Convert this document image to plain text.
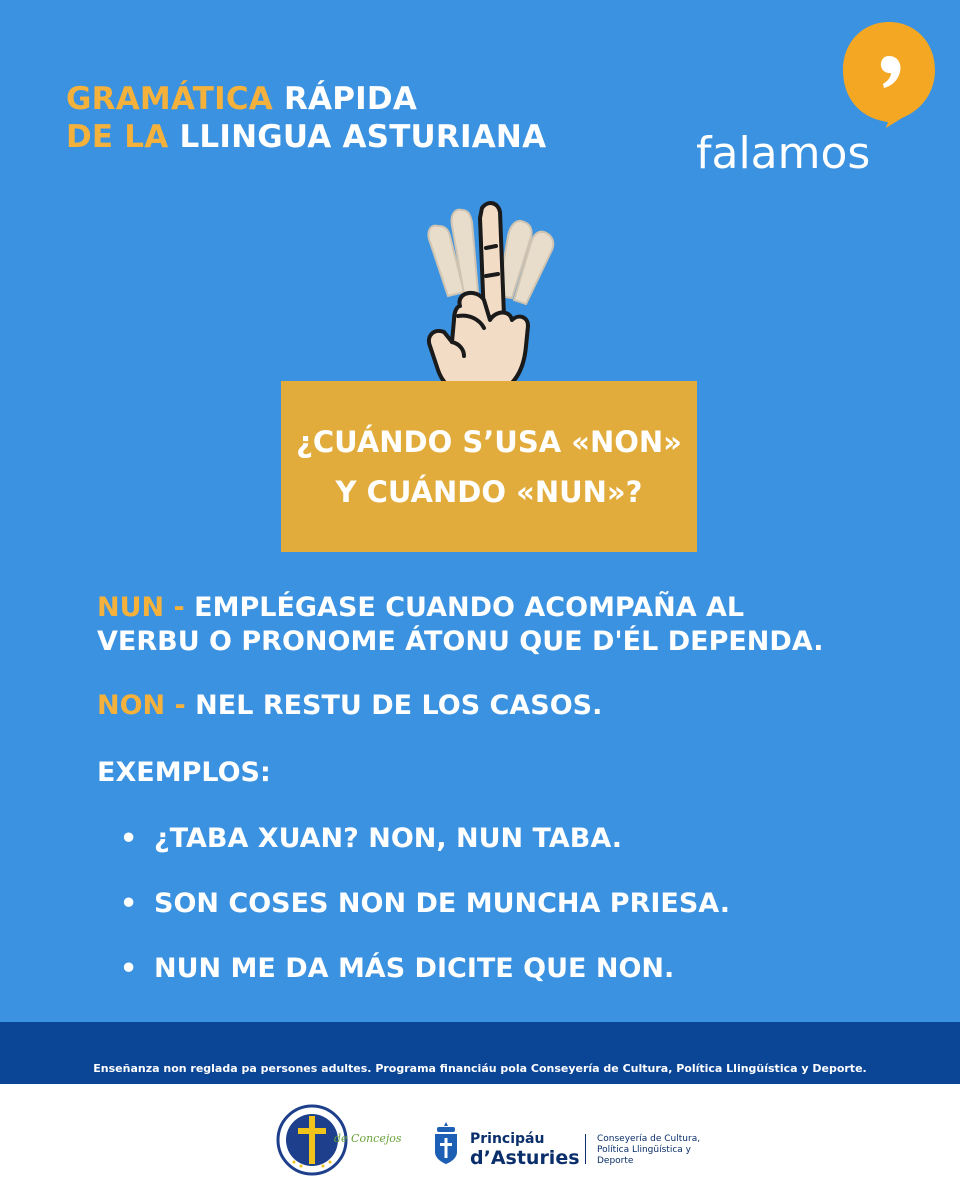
GRAMÁTICA RÁPIDA
DE LA LLINGUA ASTURIANA	falamos
¿CUÁNDO S’USA «NON»
Y CUÁNDO «NUN»?
NUN - EMPLÉGASE CUANDO ACOMPAÑA AL
VERBU O PRONOME ÁTONU QUE D'ÉL DEPENDA.
NON - NEL RESTU DE LOS CASOS.
EXEMPLOS:
• ¿TABA XUAN? NON, NUN TABA.
• SON COSES NON DE MUNCHA PRIESA.
• NUN ME DA MÁS DICITE QUE NON.
Enseñanza non reglada pa persones adultes. Programa financiáu pola Conseyería de Cultura, Política Llingüística y Deporte.
de Concejos	Principáu
d’Asturies
Conseyería de Cultura,
Política Llingüística y
Deporte
